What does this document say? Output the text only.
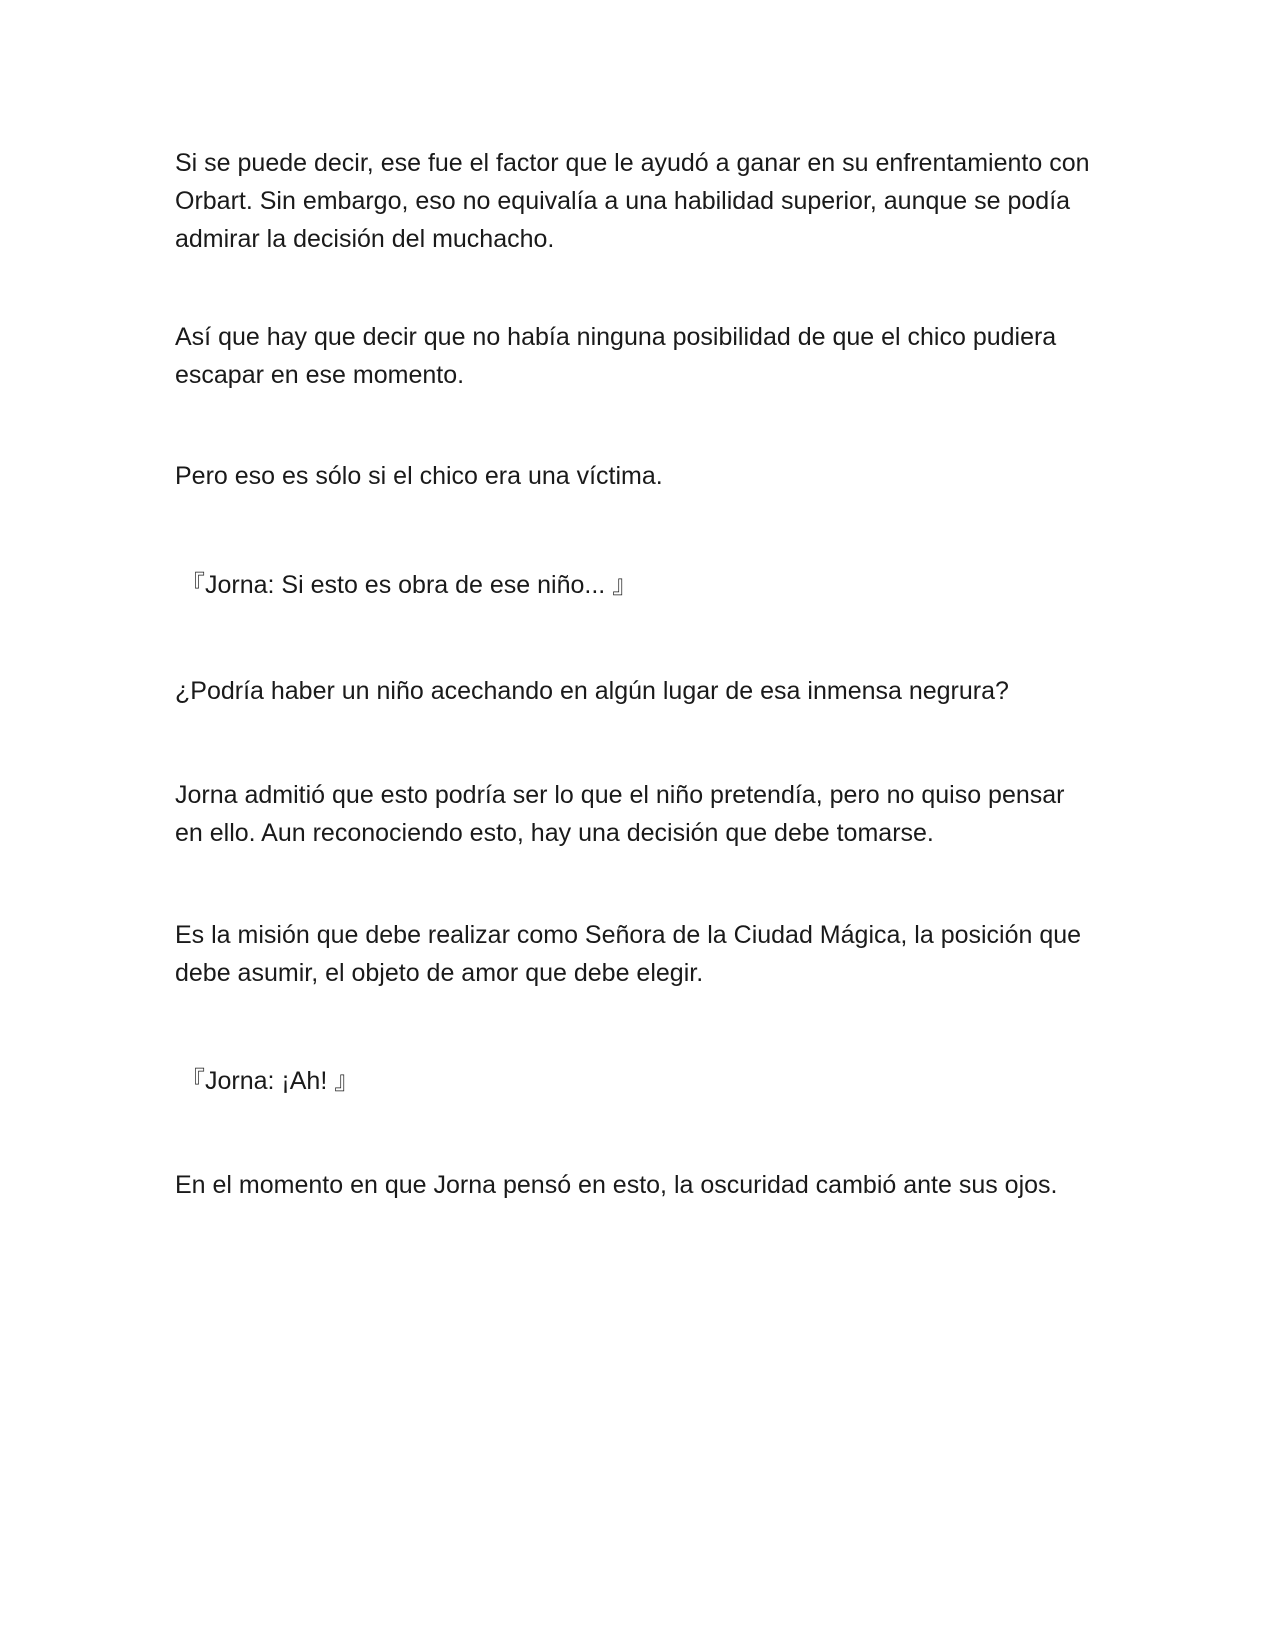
Si se puede decir, ese fue el factor que le ayudó a ganar en su enfrentamiento con Orbart. Sin embargo, eso no equivalía a una habilidad superior, aunque se podía admirar la decisión del muchacho.

Así que hay que decir que no había ninguna posibilidad de que el chico pudiera escapar en ese momento.

Pero eso es sólo si el chico era una víctima.

『Jorna: Si esto es obra de ese niño... 』

¿Podría haber un niño acechando en algún lugar de esa inmensa negrura?

Jorna admitió que esto podría ser lo que el niño pretendía, pero no quiso pensar en ello. Aun reconociendo esto, hay una decisión que debe tomarse.

Es la misión que debe realizar como Señora de la Ciudad Mágica, la posición que debe asumir, el objeto de amor que debe elegir.

『Jorna: ¡Ah! 』

En el momento en que Jorna pensó en esto, la oscuridad cambió ante sus ojos.
